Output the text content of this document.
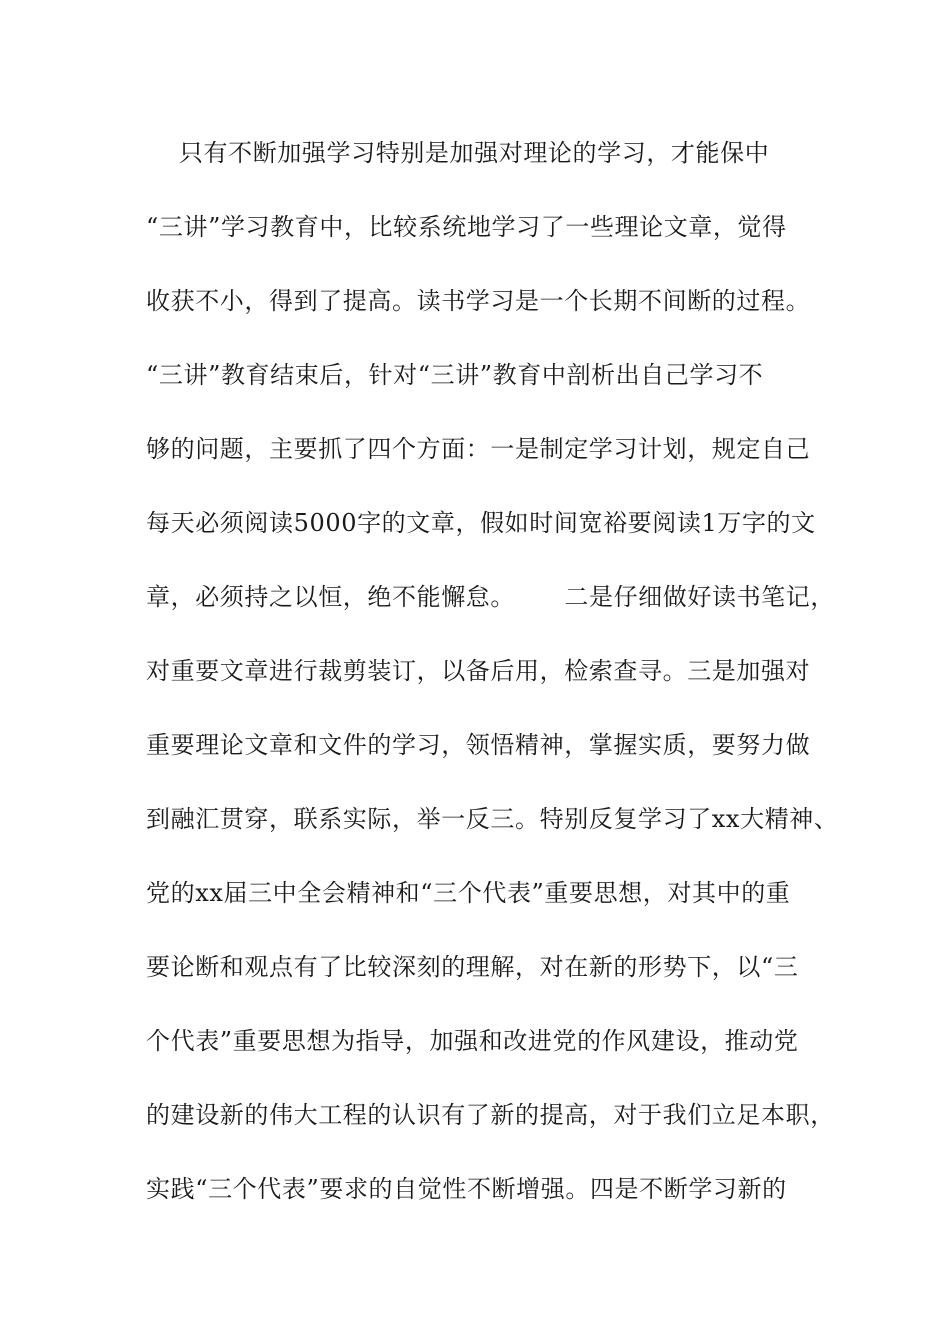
只有不断加强学习特别是加强对理论的学习，才能保中
“三讲”学习教育中，比较系统地学习了一些理论文章，觉得
收获不小，得到了提高。读书学习是一个长期不间断的过程。
“三讲”教育结束后，针对“三讲”教育中剖析出自己学习不
够的问题，主要抓了四个方面：一是制定学习计划，规定自己
每天必须阅读5000字的文章，假如时间宽裕要阅读1万字的文
章，必须持之以恒，绝不能懈怠。      二是仔细做好读书笔记，
对重要文章进行裁剪装订，以备后用，检索查寻。三是加强对
重要理论文章和文件的学习，领悟精神，掌握实质，要努力做
到融汇贯穿，联系实际，举一反三。特别反复学习了xx大精神、
党的xx届三中全会精神和“三个代表”重要思想，对其中的重
要论断和观点有了比较深刻的理解，对在新的形势下，以“三
个代表”重要思想为指导，加强和改进党的作风建设，推动党
的建设新的伟大工程的认识有了新的提高，对于我们立足本职，
实践“三个代表”要求的自觉性不断增强。四是不断学习新的
